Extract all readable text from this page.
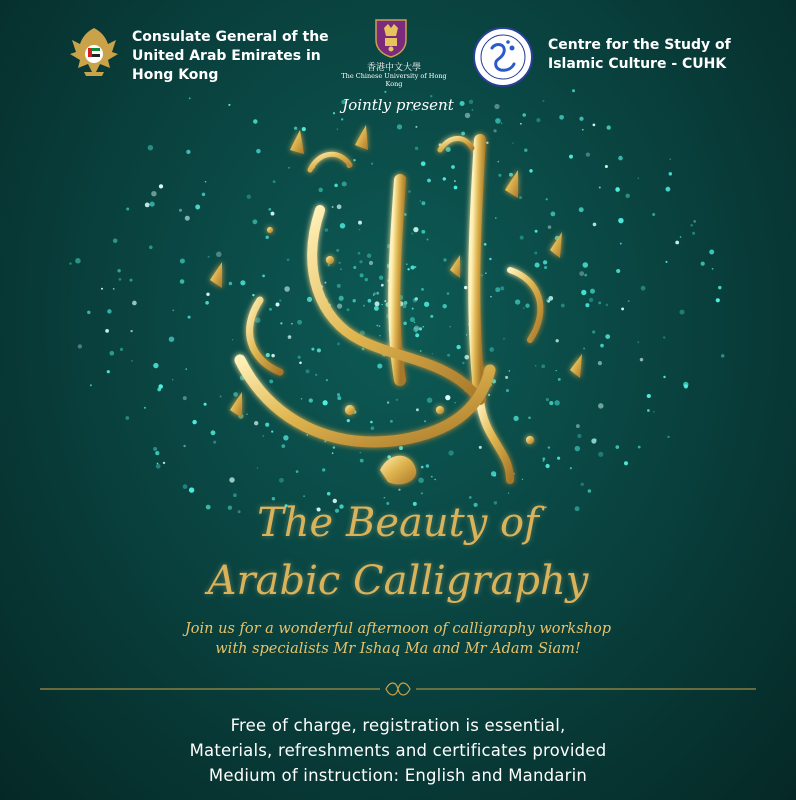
Consulate General of the
United Arab Emirates in
Hong Kong	香港中文大學
The Chinese University of Hong Kong
Centre for the Study of
Islamic Culture - CUHK
Jointly present
The Beauty of
Arabic Calligraphy
Join us for a wonderful afternoon of calligraphy workshop
with specialists Mr Ishaq Ma and Mr Adam Siam!
Free of charge, registration is essential,
Materials, refreshments and certificates provided
Medium of instruction: English and Mandarin
